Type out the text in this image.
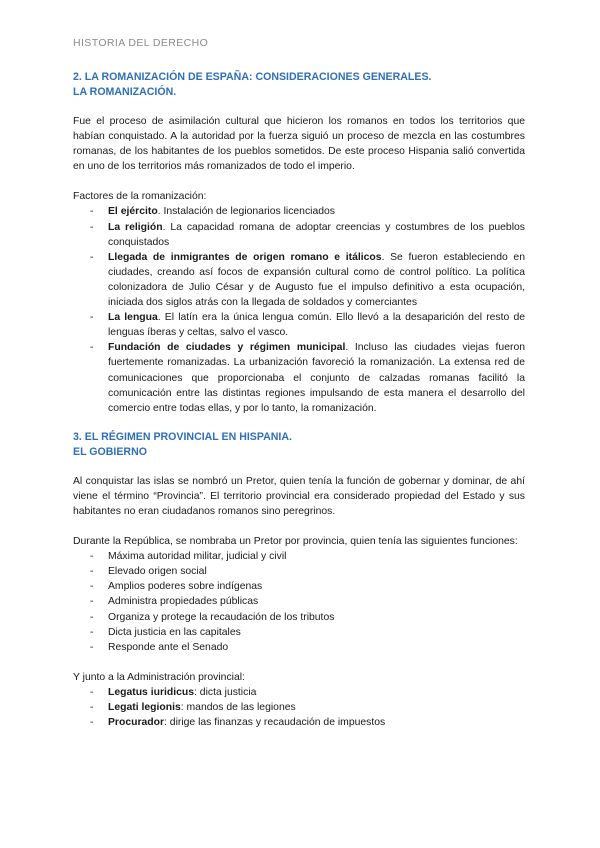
HISTORIA DEL DERECHO
2. LA ROMANIZACIÓN DE ESPAÑA: CONSIDERACIONES GENERALES.
LA ROMANIZACIÓN.

Fue el proceso de asimilación cultural que hicieron los romanos en todos los territorios que habían conquistado. A la autoridad por la fuerza siguió un proceso de mezcla en las costumbres romanas, de los habitantes de los pueblos sometidos. De este proceso Hispania salió convertida en uno de los territorios más romanizados de todo el imperio.

Factores de la romanización:

- El ejército. Instalación de legionarios licenciados
- La religión. La capacidad romana de adoptar creencias y costumbres de los pueblos conquistados
- Llegada de inmigrantes de origen romano e itálicos. Se fueron estableciendo en ciudades, creando así focos de expansión cultural como de control político. La política colonizadora de Julio César y de Augusto fue el impulso definitivo a esta ocupación, iniciada dos siglos atrás con la llegada de soldados y comerciantes
- La lengua. El latín era la única lengua común. Ello llevó a la desaparición del resto de lenguas íberas y celtas, salvo el vasco.
- Fundación de ciudades y régimen municipal. Incluso las ciudades viejas fueron fuertemente romanizadas. La urbanización favoreció la romanización. La extensa red de comunicaciones que proporcionaba el conjunto de calzadas romanas facilitó la comunicación entre las distintas regiones impulsando de esta manera el desarrollo del comercio entre todas ellas, y por lo tanto, la romanización.
3. EL RÉGIMEN PROVINCIAL EN HISPANIA.
EL GOBIERNO

Al conquistar las islas se nombró un Pretor, quien tenía la función de gobernar y dominar, de ahí viene el término “Provincia”. El territorio provincial era considerado propiedad del Estado y sus habitantes no eran ciudadanos romanos sino peregrinos.

Durante la República, se nombraba un Pretor por provincia, quien tenía las siguientes funciones:

- Máxima autoridad militar, judicial y civil
- Elevado origen social
- Amplios poderes sobre indígenas
- Administra propiedades públicas
- Organiza y protege la recaudación de los tributos
- Dicta justicia en las capitales
- Responde ante el Senado

Y junto a la Administración provincial:

- Legatus iuridicus: dicta justicia
- Legati legionis: mandos de las legiones
- Procurador: dirige las finanzas y recaudación de impuestos
